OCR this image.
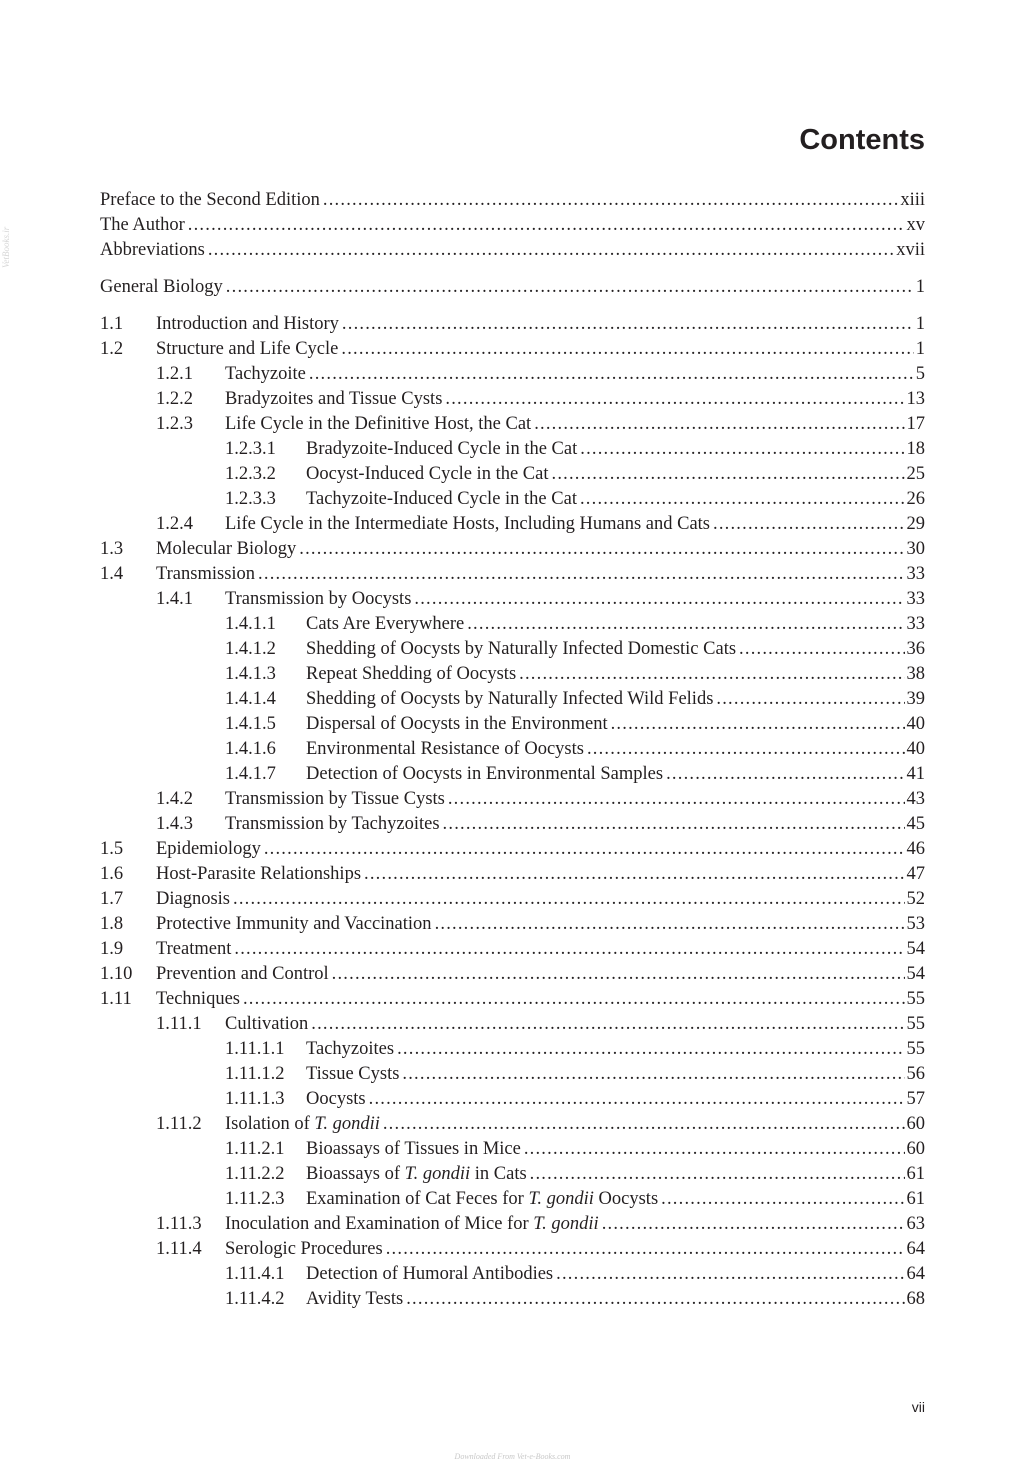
VetBooks.ir
Contents
Preface to the Second Edition .....	xiii
The Author .....	xv
Abbreviations .....	xvii
General Biology .....	1
1.1	Introduction and History .....	1
1.2	Structure and Life Cycle .....	1
1.2.1	Tachyzoite .....	5
1.2.2	Bradyzoites and Tissue Cysts .....	13
1.2.3	Life Cycle in the Definitive Host, the Cat .....	17
1.2.3.1	Bradyzoite-Induced Cycle in the Cat .....	18
1.2.3.2	Oocyst-Induced Cycle in the Cat .....	25
1.2.3.3	Tachyzoite-Induced Cycle in the Cat .....	26
1.2.4	Life Cycle in the Intermediate Hosts, Including Humans and Cats .....	29
1.3	Molecular Biology .....	30
1.4	Transmission .....	33
1.4.1	Transmission by Oocysts .....	33
1.4.1.1	Cats Are Everywhere .....	33
1.4.1.2	Shedding of Oocysts by Naturally Infected Domestic Cats .....	36
1.4.1.3	Repeat Shedding of Oocysts .....	38
1.4.1.4	Shedding of Oocysts by Naturally Infected Wild Felids .....	39
1.4.1.5	Dispersal of Oocysts in the Environment .....	40
1.4.1.6	Environmental Resistance of Oocysts .....	40
1.4.1.7	Detection of Oocysts in Environmental Samples .....	41
1.4.2	Transmission by Tissue Cysts .....	43
1.4.3	Transmission by Tachyzoites .....	45
1.5	Epidemiology .....	46
1.6	Host-Parasite Relationships .....	47
1.7	Diagnosis .....	52
1.8	Protective Immunity and Vaccination .....	53
1.9	Treatment .....	54
1.10	Prevention and Control .....	54
1.11	Techniques .....	55
1.11.1	Cultivation .....	55
1.11.1.1	Tachyzoites .....	55
1.11.1.2	Tissue Cysts .....	56
1.11.1.3	Oocysts .....	57
1.11.2	Isolation of T. gondii .....	60
1.11.2.1	Bioassays of Tissues in Mice .....	60
1.11.2.2	Bioassays of T. gondii in Cats .....	61
1.11.2.3	Examination of Cat Feces for T. gondii Oocysts .....	61
1.11.3	Inoculation and Examination of Mice for T. gondii .....	63
1.11.4	Serologic Procedures .....	64
1.11.4.1	Detection of Humoral Antibodies .....	64
1.11.4.2	Avidity Tests .....	68
vii
Downloaded From Vet-e-Books.com
